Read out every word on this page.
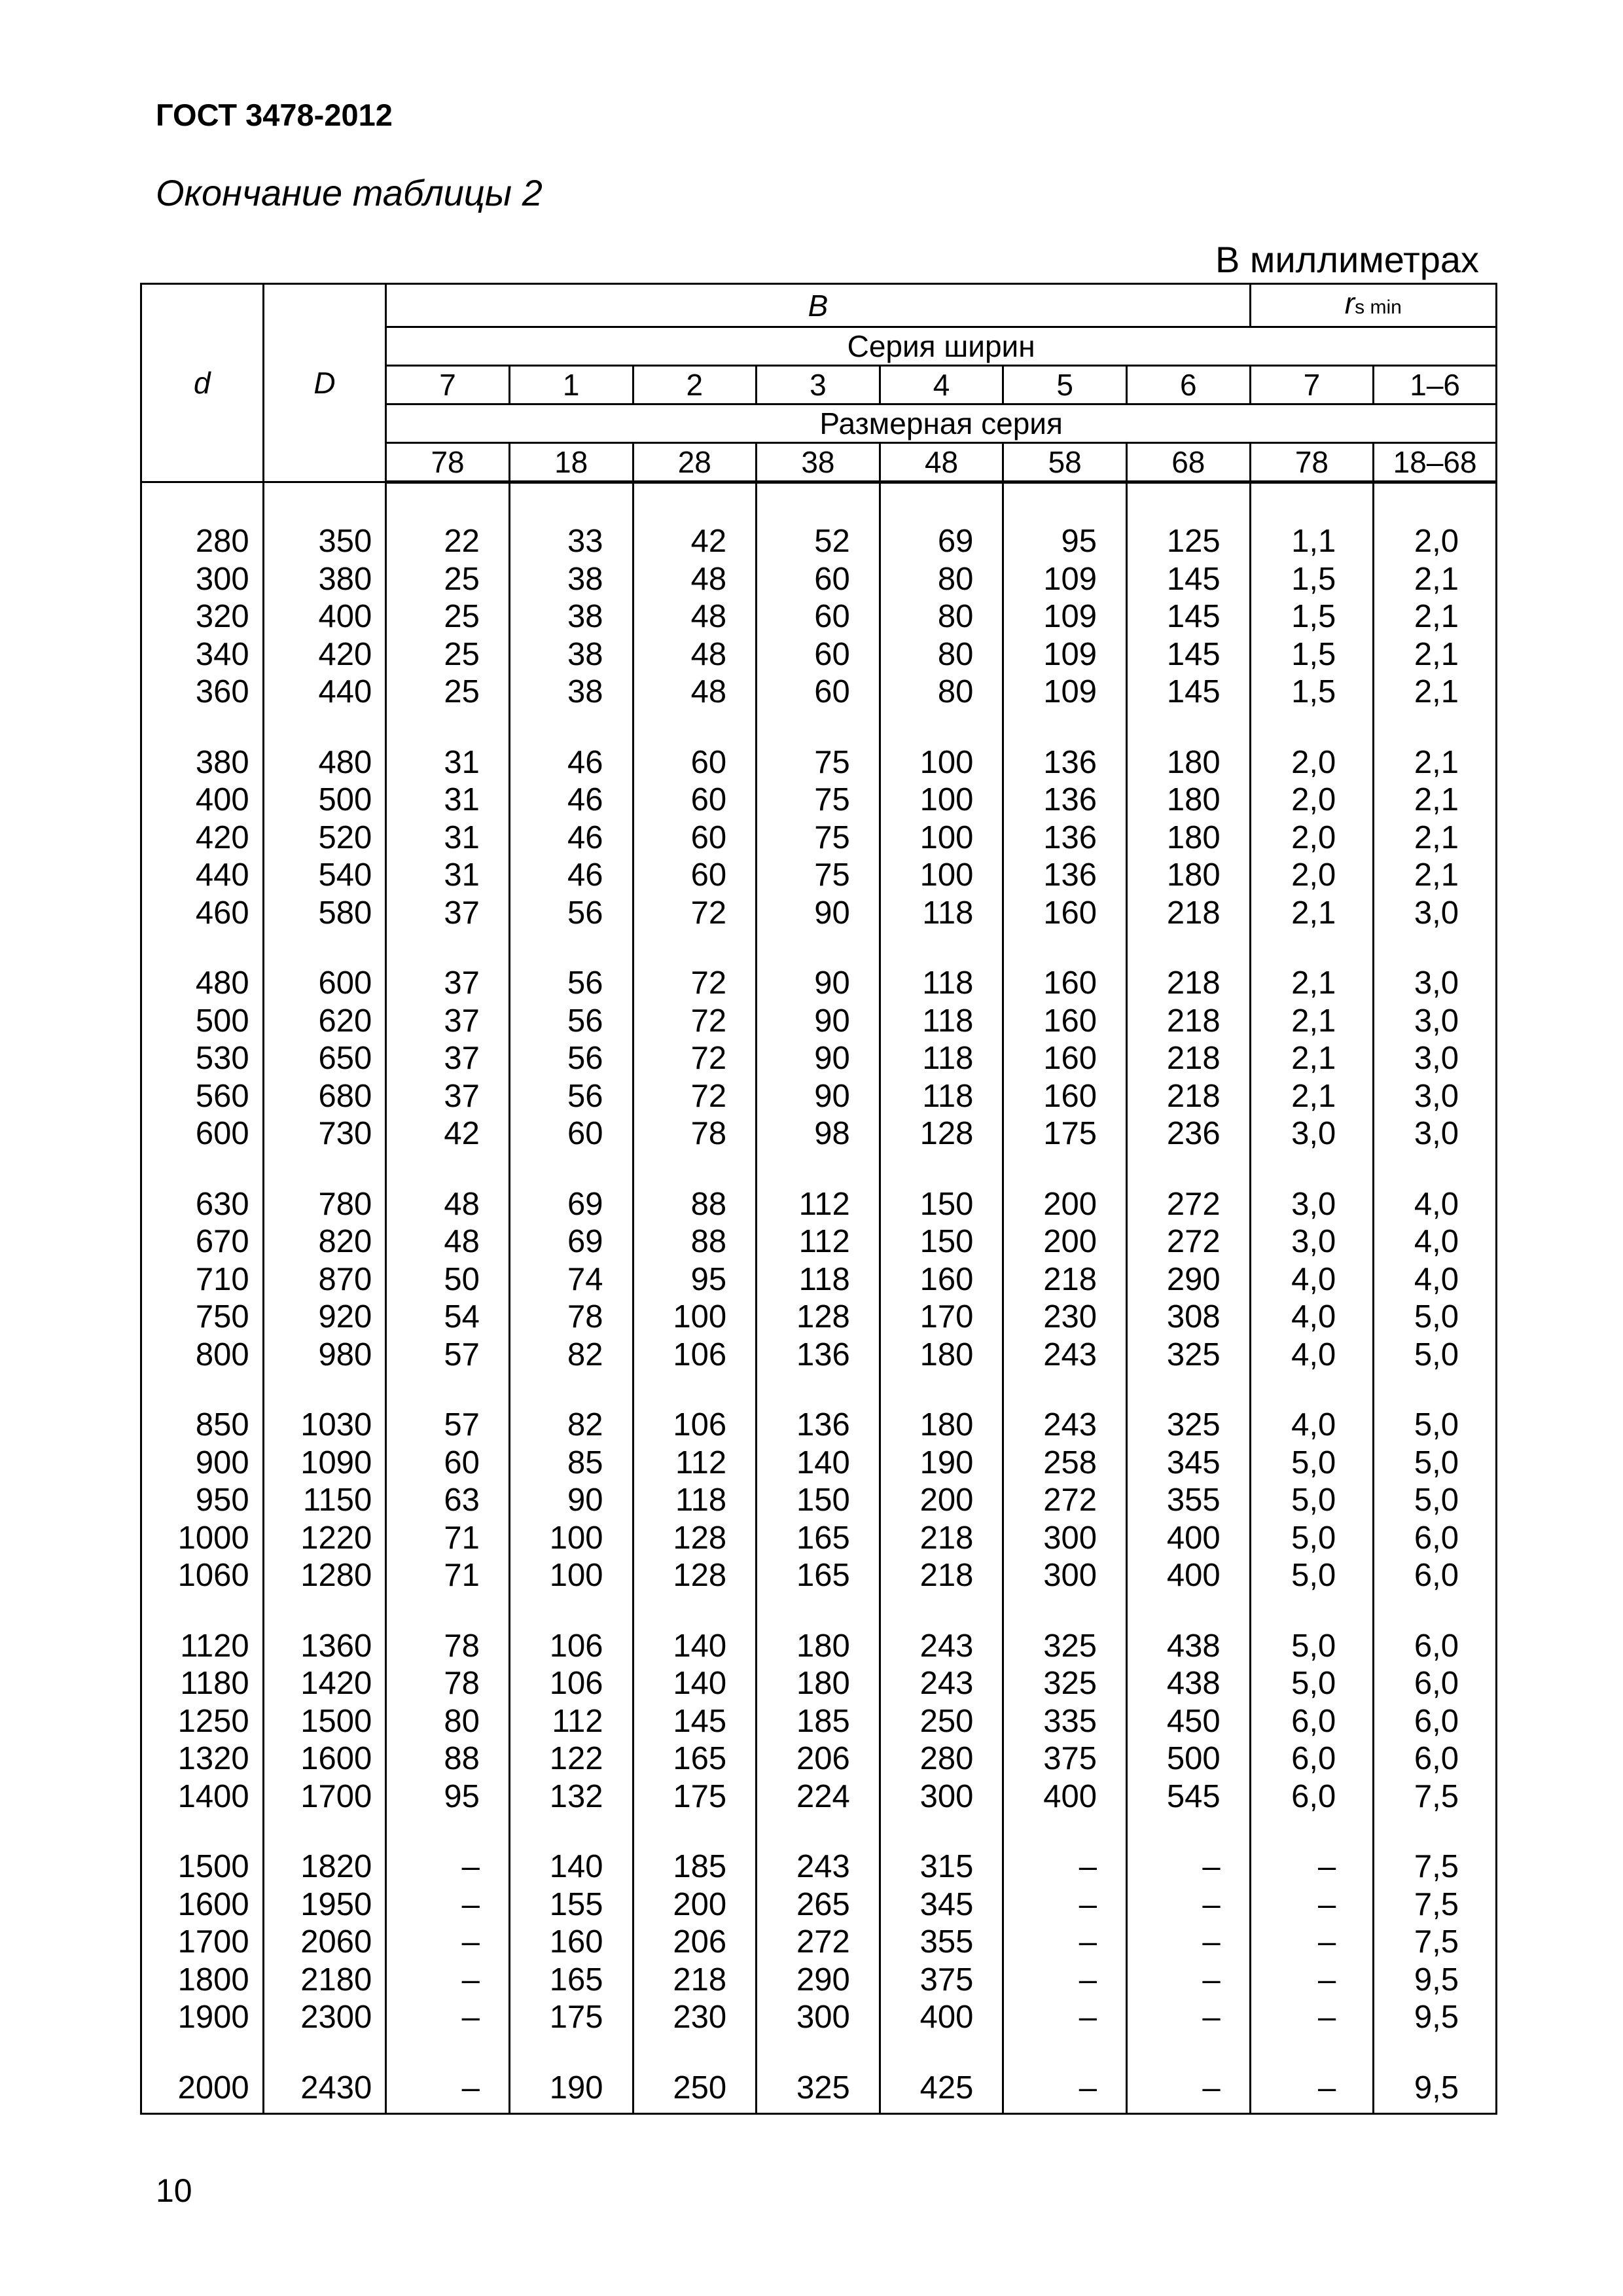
ГОСТ 3478-2012
Окончание таблицы 2
В миллиметрах
d	D	B							rs min	
		Серия ширин								
		7	1	2	3	4	5	6	7	1–6
		Размерная серия								
		78	18	28	38	48	58	68	78	18–68

280	350	22	33	42	52	69	95	125	1,1	2,0
300	380	25	38	48	60	80	109	145	1,5	2,1
320	400	25	38	48	60	80	109	145	1,5	2,1
340	420	25	38	48	60	80	109	145	1,5	2,1
360	440	25	38	48	60	80	109	145	1,5	2,1

380	480	31	46	60	75	100	136	180	2,0	2,1
400	500	31	46	60	75	100	136	180	2,0	2,1
420	520	31	46	60	75	100	136	180	2,0	2,1
440	540	31	46	60	75	100	136	180	2,0	2,1
460	580	37	56	72	90	118	160	218	2,1	3,0

480	600	37	56	72	90	118	160	218	2,1	3,0
500	620	37	56	72	90	118	160	218	2,1	3,0
530	650	37	56	72	90	118	160	218	2,1	3,0
560	680	37	56	72	90	118	160	218	2,1	3,0
600	730	42	60	78	98	128	175	236	3,0	3,0

630	780	48	69	88	112	150	200	272	3,0	4,0
670	820	48	69	88	112	150	200	272	3,0	4,0
710	870	50	74	95	118	160	218	290	4,0	4,0
750	920	54	78	100	128	170	230	308	4,0	5,0
800	980	57	82	106	136	180	243	325	4,0	5,0

850	1030	57	82	106	136	180	243	325	4,0	5,0
900	1090	60	85	112	140	190	258	345	5,0	5,0
950	1150	63	90	118	150	200	272	355	5,0	5,0
1000	1220	71	100	128	165	218	300	400	5,0	6,0
1060	1280	71	100	128	165	218	300	400	5,0	6,0

1120	1360	78	106	140	180	243	325	438	5,0	6,0
1180	1420	78	106	140	180	243	325	438	5,0	6,0
1250	1500	80	112	145	185	250	335	450	6,0	6,0
1320	1600	88	122	165	206	280	375	500	6,0	6,0
1400	1700	95	132	175	224	300	400	545	6,0	7,5

1500	1820	–	140	185	243	315	–	–	–	7,5
1600	1950	–	155	200	265	345	–	–	–	7,5
1700	2060	–	160	206	272	355	–	–	–	7,5
1800	2180	–	165	218	290	375	–	–	–	9,5
1900	2300	–	175	230	300	400	–	–	–	9,5

2000	2430	–	190	250	325	425	–	–	–	9,5
10
